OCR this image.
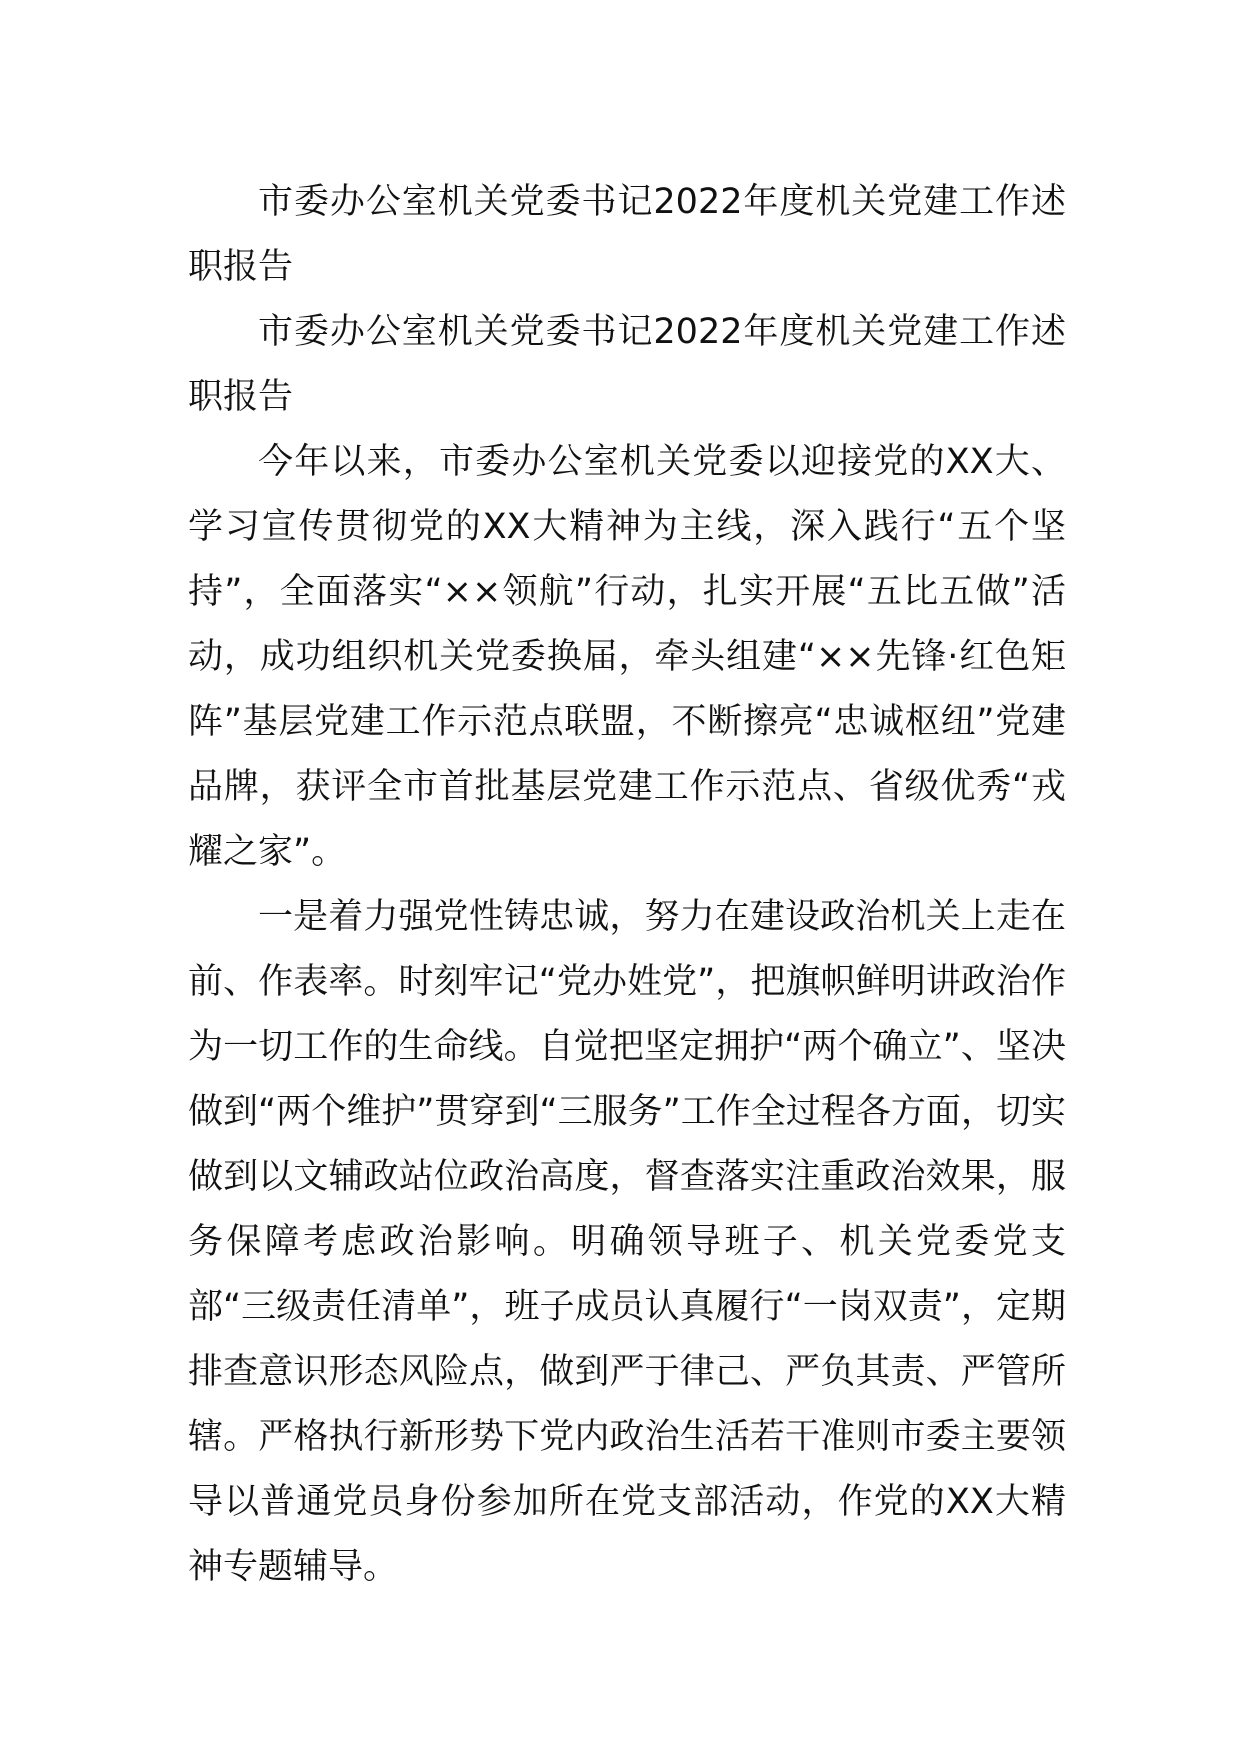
市委办公室机关党委书记2022年度机关党建工作述职报告

市委办公室机关党委书记2022年度机关党建工作述职报告

今年以来，市委办公室机关党委以迎接党的XX大、学习宣传贯彻党的XX大精神为主线，深入践行“五个坚持”，全面落实“××领航”行动，扎实开展“五比五做”活动，成功组织机关党委换届，牵头组建“××先锋·红色矩阵”基层党建工作示范点联盟，不断擦亮“忠诚枢纽”党建品牌，获评全市首批基层党建工作示范点、省级优秀“戎耀之家”。

一是着力强党性铸忠诚，努力在建设政治机关上走在前、作表率。时刻牢记“党办姓党”，把旗帜鲜明讲政治作为一切工作的生命线。自觉把坚定拥护“两个确立”、坚决做到“两个维护”贯穿到“三服务”工作全过程各方面，切实做到以文辅政站位政治高度，督查落实注重政治效果，服务保障考虑政治影响。明确领导班子、机关党委党支部“三级责任清单”，班子成员认真履行“一岗双责”，定期排查意识形态风险点，做到严于律己、严负其责、严管所辖。严格执行新形势下党内政治生活若干准则市委主要领导以普通党员身份参加所在党支部活动，作党的XX大精神专题辅导。
